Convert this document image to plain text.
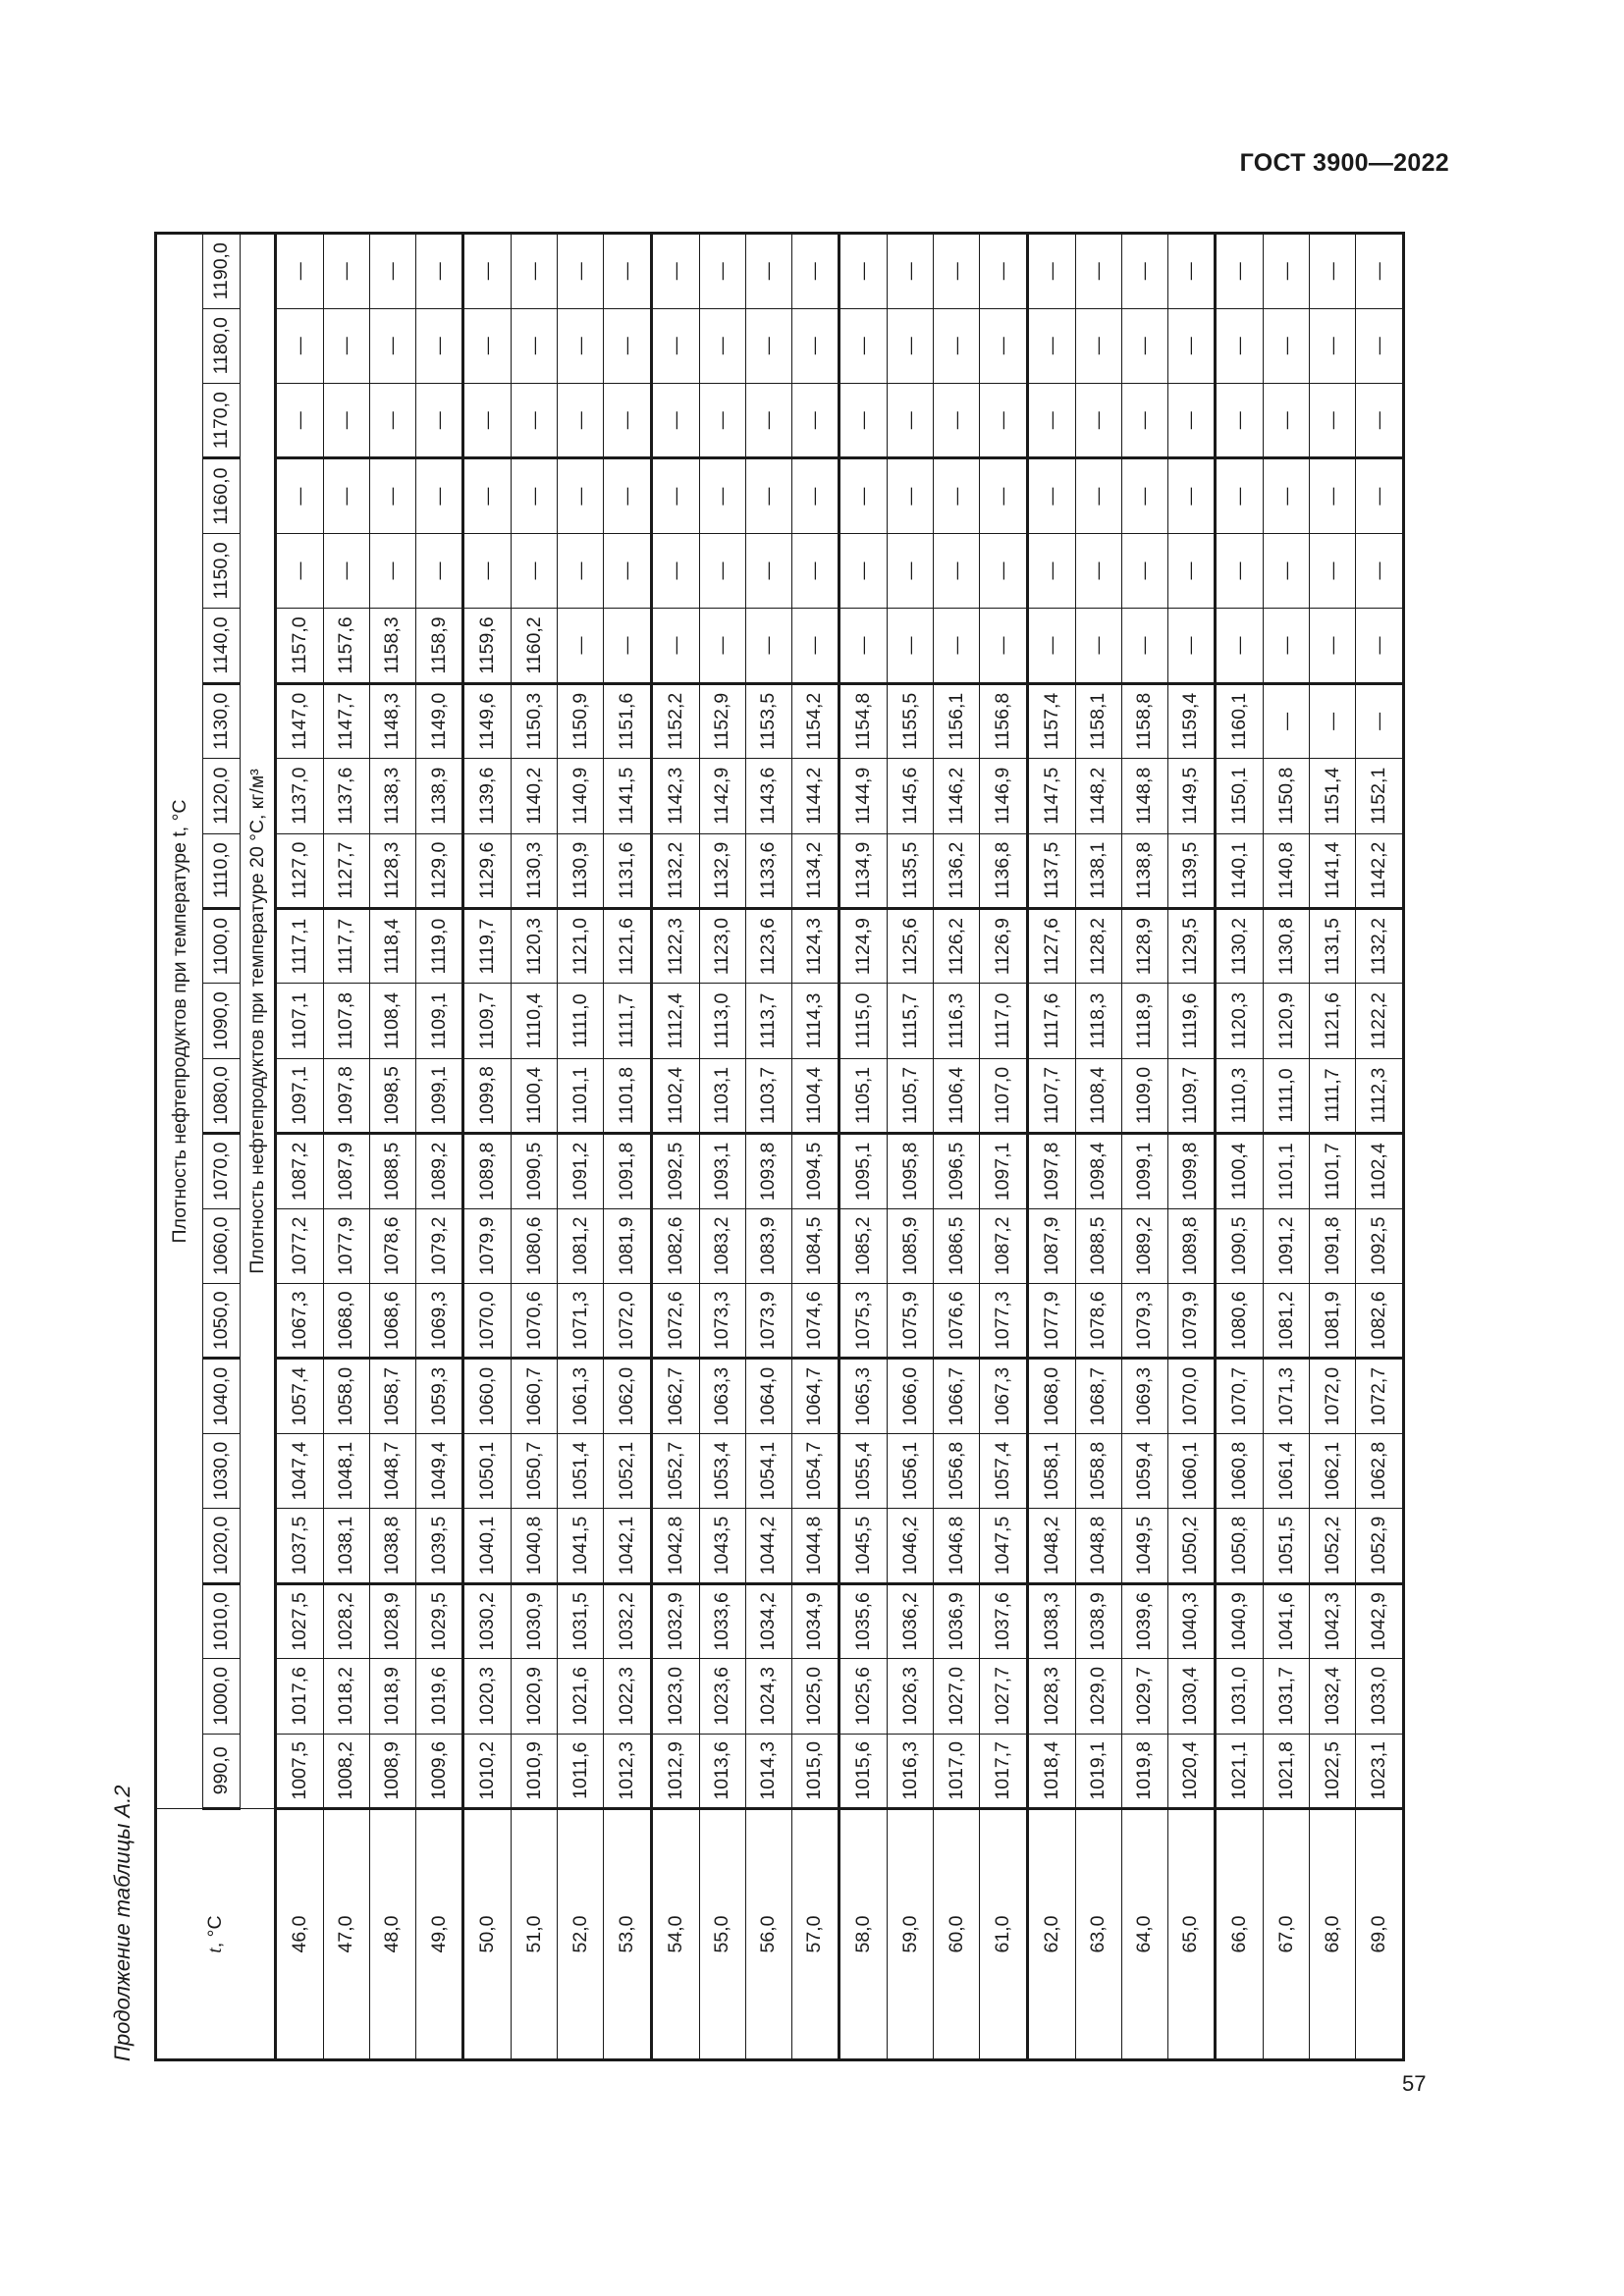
ГОСТ 3900—2022
Продолжение таблицы А.2	t, °С	Плотность нефтепродуктов при температуре t, °С																				
	990,0	1000,0	1010,0	1020,0	1030,0	1040,0	1050,0	1060,0	1070,0	1080,0	1090,0	1100,0	1110,0	1120,0	1130,0	1140,0	1150,0	1160,0	1170,0	1180,0	1190,0
	Плотность нефтепродуктов при температуре 20 °С, кг/м³																				
46,0	1007,5	1017,6	1027,5	1037,5	1047,4	1057,4	1067,3	1077,2	1087,2	1097,1	1107,1	1117,1	1127,0	1137,0	1147,0	1157,0	—	—	—	—	—
47,0	1008,2	1018,2	1028,2	1038,1	1048,1	1058,0	1068,0	1077,9	1087,9	1097,8	1107,8	1117,7	1127,7	1137,6	1147,7	1157,6	—	—	—	—	—
48,0	1008,9	1018,9	1028,9	1038,8	1048,7	1058,7	1068,6	1078,6	1088,5	1098,5	1108,4	1118,4	1128,3	1138,3	1148,3	1158,3	—	—	—	—	—
49,0	1009,6	1019,6	1029,5	1039,5	1049,4	1059,3	1069,3	1079,2	1089,2	1099,1	1109,1	1119,0	1129,0	1138,9	1149,0	1158,9	—	—	—	—	—
50,0	1010,2	1020,3	1030,2	1040,1	1050,1	1060,0	1070,0	1079,9	1089,8	1099,8	1109,7	1119,7	1129,6	1139,6	1149,6	1159,6	—	—	—	—	—
51,0	1010,9	1020,9	1030,9	1040,8	1050,7	1060,7	1070,6	1080,6	1090,5	1100,4	1110,4	1120,3	1130,3	1140,2	1150,3	1160,2	—	—	—	—	—
52,0	1011,6	1021,6	1031,5	1041,5	1051,4	1061,3	1071,3	1081,2	1091,2	1101,1	1111,0	1121,0	1130,9	1140,9	1150,9	—	—	—	—	—	—
53,0	1012,3	1022,3	1032,2	1042,1	1052,1	1062,0	1072,0	1081,9	1091,8	1101,8	1111,7	1121,6	1131,6	1141,5	1151,6	—	—	—	—	—	—
54,0	1012,9	1023,0	1032,9	1042,8	1052,7	1062,7	1072,6	1082,6	1092,5	1102,4	1112,4	1122,3	1132,2	1142,3	1152,2	—	—	—	—	—	—
55,0	1013,6	1023,6	1033,6	1043,5	1053,4	1063,3	1073,3	1083,2	1093,1	1103,1	1113,0	1123,0	1132,9	1142,9	1152,9	—	—	—	—	—	—
56,0	1014,3	1024,3	1034,2	1044,2	1054,1	1064,0	1073,9	1083,9	1093,8	1103,7	1113,7	1123,6	1133,6	1143,6	1153,5	—	—	—	—	—	—
57,0	1015,0	1025,0	1034,9	1044,8	1054,7	1064,7	1074,6	1084,5	1094,5	1104,4	1114,3	1124,3	1134,2	1144,2	1154,2	—	—	—	—	—	—
58,0	1015,6	1025,6	1035,6	1045,5	1055,4	1065,3	1075,3	1085,2	1095,1	1105,1	1115,0	1124,9	1134,9	1144,9	1154,8	—	—	—	—	—	—
59,0	1016,3	1026,3	1036,2	1046,2	1056,1	1066,0	1075,9	1085,9	1095,8	1105,7	1115,7	1125,6	1135,5	1145,6	1155,5	—	—	—	—	—	—
60,0	1017,0	1027,0	1036,9	1046,8	1056,8	1066,7	1076,6	1086,5	1096,5	1106,4	1116,3	1126,2	1136,2	1146,2	1156,1	—	—	—	—	—	—
61,0	1017,7	1027,7	1037,6	1047,5	1057,4	1067,3	1077,3	1087,2	1097,1	1107,0	1117,0	1126,9	1136,8	1146,9	1156,8	—	—	—	—	—	—
62,0	1018,4	1028,3	1038,3	1048,2	1058,1	1068,0	1077,9	1087,9	1097,8	1107,7	1117,6	1127,6	1137,5	1147,5	1157,4	—	—	—	—	—	—
63,0	1019,1	1029,0	1038,9	1048,8	1058,8	1068,7	1078,6	1088,5	1098,4	1108,4	1118,3	1128,2	1138,1	1148,2	1158,1	—	—	—	—	—	—
64,0	1019,8	1029,7	1039,6	1049,5	1059,4	1069,3	1079,3	1089,2	1099,1	1109,0	1118,9	1128,9	1138,8	1148,8	1158,8	—	—	—	—	—	—
65,0	1020,4	1030,4	1040,3	1050,2	1060,1	1070,0	1079,9	1089,8	1099,8	1109,7	1119,6	1129,5	1139,5	1149,5	1159,4	—	—	—	—	—	—
66,0	1021,1	1031,0	1040,9	1050,8	1060,8	1070,7	1080,6	1090,5	1100,4	1110,3	1120,3	1130,2	1140,1	1150,1	1160,1	—	—	—	—	—	—
67,0	1021,8	1031,7	1041,6	1051,5	1061,4	1071,3	1081,2	1091,2	1101,1	1111,0	1120,9	1130,8	1140,8	1150,8	—	—	—	—	—	—	—
68,0	1022,5	1032,4	1042,3	1052,2	1062,1	1072,0	1081,9	1091,8	1101,7	1111,7	1121,6	1131,5	1141,4	1151,4	—	—	—	—	—	—	—
69,0	1023,1	1033,0	1042,9	1052,9	1062,8	1072,7	1082,6	1092,5	1102,4	1112,3	1122,2	1132,2	1142,2	1152,1	—	—	—	—	—	—	—
57
